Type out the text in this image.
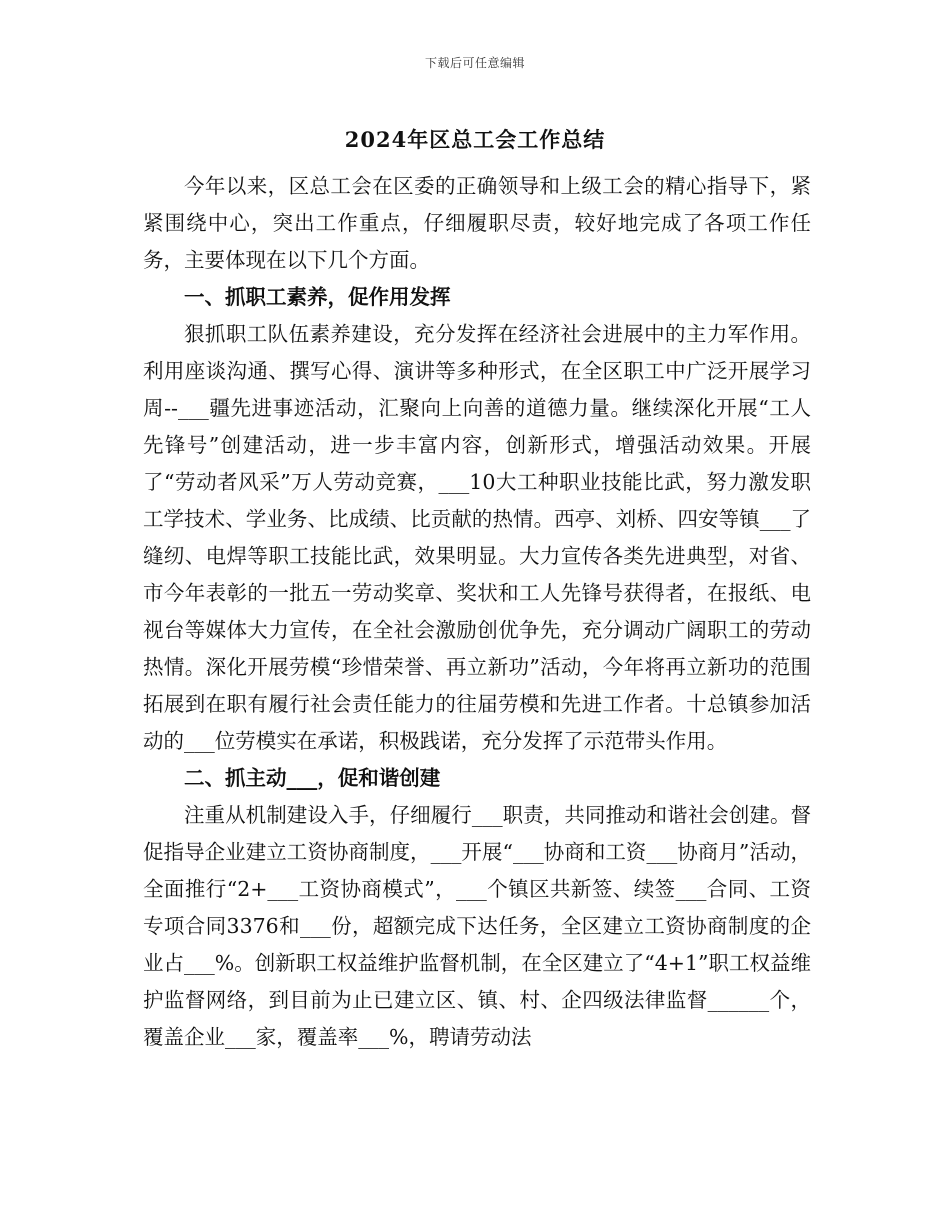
下载后可任意编辑
2024年区总工会工作总结

今年以来，区总工会在区委的正确领导和上级工会的精心指导下，紧紧围绕中心，突出工作重点，仔细履职尽责，较好地完成了各项工作任务，主要体现在以下几个方面。

一、抓职工素养，促作用发挥

狠抓职工队伍素养建设，充分发挥在经济社会进展中的主力军作用。利用座谈沟通、撰写心得、演讲等多种形式，在全区职工中广泛开展学习周--___疆先进事迹活动，汇聚向上向善的道德力量。继续深化开展“工人先锋号”创建活动，进一步丰富内容，创新形式，增强活动效果。开展了“劳动者风采”万人劳动竞赛，___10大工种职业技能比武，努力激发职工学技术、学业务、比成绩、比贡献的热情。西亭、刘桥、四安等镇___了缝纫、电焊等职工技能比武，效果明显。大力宣传各类先进典型，对省、市今年表彰的一批五一劳动奖章、奖状和工人先锋号获得者，在报纸、电视台等媒体大力宣传，在全社会激励创优争先，充分调动广阔职工的劳动热情。深化开展劳模“珍惜荣誉、再立新功”活动，今年将再立新功的范围拓展到在职有履行社会责任能力的往届劳模和先进工作者。十总镇参加活动的___位劳模实在承诺，积极践诺，充分发挥了示范带头作用。

二、抓主动___，促和谐创建

注重从机制建设入手，仔细履行___职责，共同推动和谐社会创建。督促指导企业建立工资协商制度，___开展“___协商和工资___协商月”活动，全面推行“2+___工资协商模式”，___个镇区共新签、续签___合同、工资专项合同3376和___份，超额完成下达任务，全区建立工资协商制度的企业占___%。创新职工权益维护监督机制，在全区建立了“4+1”职工权益维护监督网络，到目前为止已建立区、镇、村、企四级法律监督______个，覆盖企业___家，覆盖率___%，聘请劳动法
